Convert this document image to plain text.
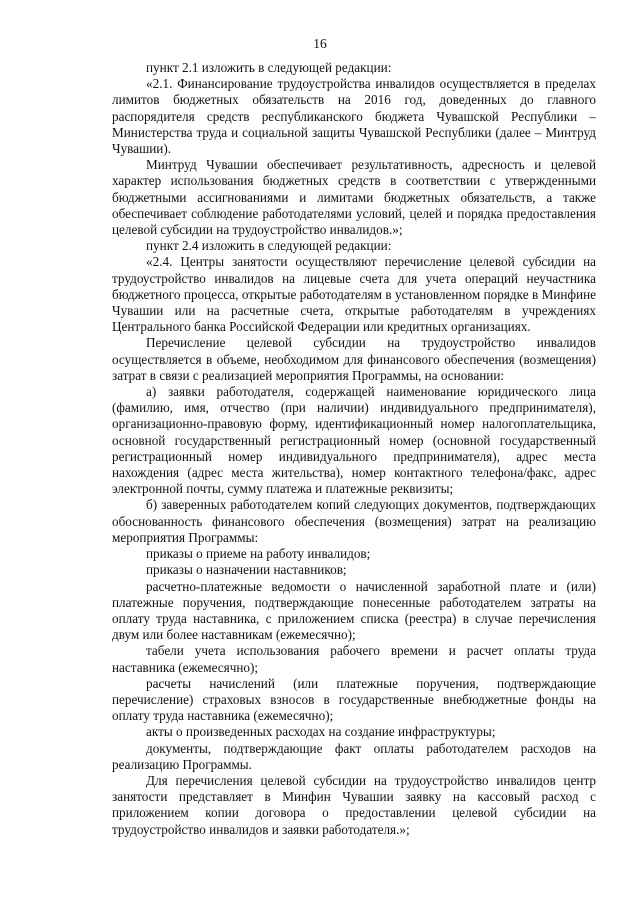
16

пункт 2.1 изложить в следующей редакции:

«2.1. Финансирование трудоустройства инвалидов осуществляется в пределах лимитов бюджетных обязательств на 2016 год, доведенных до главного распорядителя средств республиканского бюджета Чувашской Республики – Министерства труда и социальной защиты Чувашской Республики (далее – Минтруд Чувашии).

Минтруд Чувашии обеспечивает результативность, адресность и целевой характер использования бюджетных средств в соответствии с утвержденными бюджетными ассигнованиями и лимитами бюджетных обязательств, а также обеспечивает соблюдение работодателями условий, целей и порядка предоставления целевой субсидии на трудоустройство инвалидов.»;

пункт 2.4 изложить в следующей редакции:

«2.4. Центры занятости осуществляют перечисление целевой субсидии на трудоустройство инвалидов на лицевые счета для учета операций неучастника бюджетного процесса, открытые работодателям в установленном порядке в Минфине Чувашии или на расчетные счета, открытые работодателям в учреждениях Центрального банка Российской Федерации или кредитных организациях.

Перечисление целевой субсидии на трудоустройство инвалидов осуществляется в объеме, необходимом для финансового обеспечения (возмещения) затрат в связи с реализацией мероприятия Программы, на основании:

а) заявки работодателя, содержащей наименование юридического лица (фамилию, имя, отчество (при наличии) индивидуального предпринимателя), организационно-правовую форму, идентификационный номер налогоплательщика, основной государственный регистрационный номер (основной государственный регистрационный номер индивидуального предпринимателя), адрес места нахождения (адрес места жительства), номер контактного телефона/факс, адрес электронной почты, сумму платежа и платежные реквизиты;

б) заверенных работодателем копий следующих документов, подтверждающих обоснованность финансового обеспечения (возмещения) затрат на реализацию мероприятия Программы:

приказы о приеме на работу инвалидов;

приказы о назначении наставников;

расчетно-платежные ведомости о начисленной заработной плате и (или) платежные поручения, подтверждающие понесенные работодателем затраты на оплату труда наставника, с приложением списка (реестра) в случае перечисления двум или более наставникам (ежемесячно);

табели учета использования рабочего времени и расчет оплаты труда наставника (ежемесячно);

расчеты начислений (или платежные поручения, подтверждающие перечисление) страховых взносов в государственные внебюджетные фонды на оплату труда наставника (ежемесячно);

акты о произведенных расходах на создание инфраструктуры;

документы, подтверждающие факт оплаты работодателем расходов на реализацию Программы.

Для перечисления целевой субсидии на трудоустройство инвалидов центр занятости представляет в Минфин Чувашии заявку на кассовый расход с приложением копии договора о предоставлении целевой субсидии на трудоустройство инвалидов и заявки работодателя.»;
